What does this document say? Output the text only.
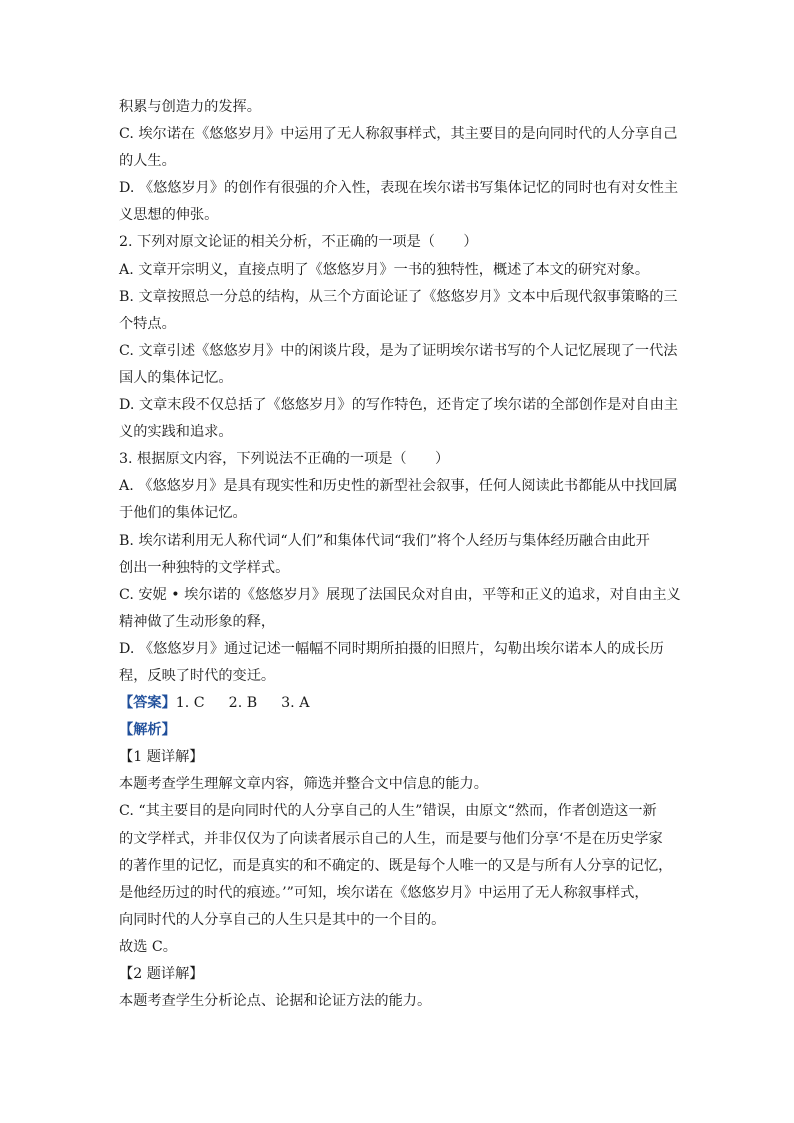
积累与创造力的发挥。
C. 埃尔诺在《悠悠岁月》中运用了无人称叙事样式，其主要目的是向同时代的人分享自己
的人生。
D. 《悠悠岁月》的创作有很强的介入性，表现在埃尔诺书写集体记忆的同时也有对女性主
义思想的伸张。
2. 下列对原文论证的相关分析，不正确的一项是（　　）
A. 文章开宗明义，直接点明了《悠悠岁月》一书的独特性，概述了本文的研究对象。
B. 文章按照总一分总的结构，从三个方面论证了《悠悠岁月》文本中后现代叙事策略的三
个特点。
C. 文章引述《悠悠岁月》中的闲谈片段，是为了证明埃尔诺书写的个人记忆展现了一代法
国人的集体记忆。
D. 文章末段不仅总括了《悠悠岁月》的写作特色，还肯定了埃尔诺的全部创作是对自由主
义的实践和追求。
3. 根据原文内容，下列说法不正确的一项是（　　）
A. 《悠悠岁月》是具有现实性和历史性的新型社会叙事，任何人阅读此书都能从中找回属
于他们的集体记忆。
B. 埃尔诺利用无人称代词“人们”和集体代词“我们”将个人经历与集体经历融合由此开
创出一种独特的文学样式。
C. 安妮 • 埃尔诺的《悠悠岁月》展现了法国民众对自由，平等和正义的追求，对自由主义
精神做了生动形象的释，
D. 《悠悠岁月》通过记述一幅幅不同时期所拍摄的旧照片，勾勒出埃尔诺本人的成长历
程，反映了时代的变迁。
【答案】1. C 2. B 3. A
【解析】
【1 题详解】
本题考查学生理解文章内容，筛选并整合文中信息的能力。
C. “其主要目的是向同时代的人分享自己的人生”错误，由原文“然而，作者创造这一新
的文学样式，并非仅仅为了向读者展示自己的人生，而是要与他们分享‘不是在历史学家
的著作里的记忆，而是真实的和不确定的、既是每个人唯一的又是与所有人分享的记忆，
是他经历过的时代的痕迹。’”可知，埃尔诺在《悠悠岁月》中运用了无人称叙事样式，
向同时代的人分享自己的人生只是其中的一个目的。
故选 C。
【2 题详解】
本题考查学生分析论点、论据和论证方法的能力。
